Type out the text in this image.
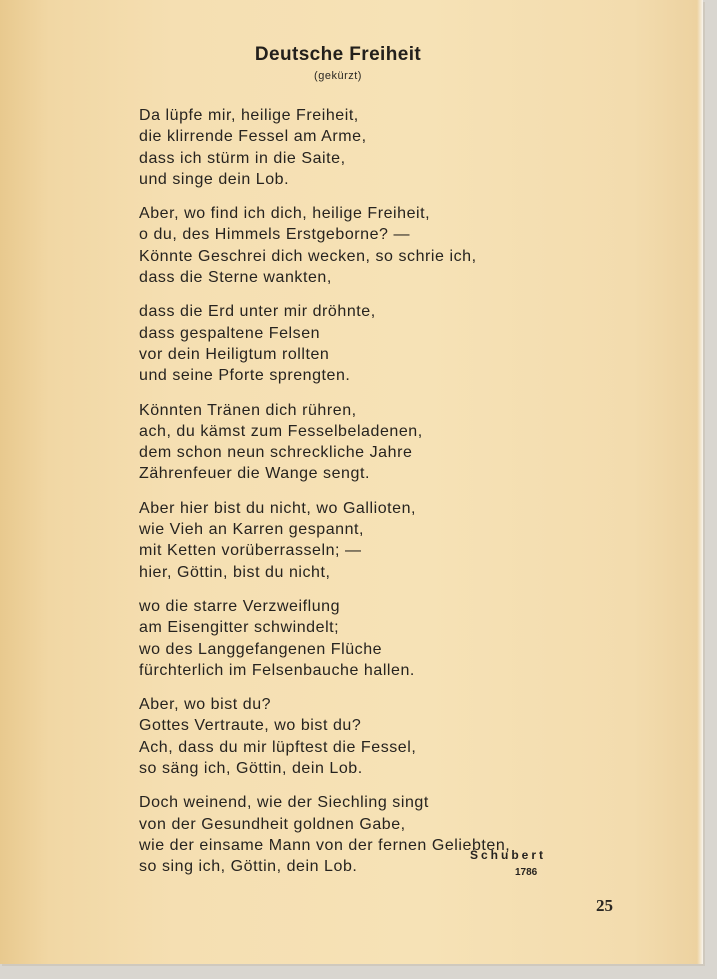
Deutsche Freiheit
(gekürzt)
Da lüpfe mir, heilige Freiheit,
die klirrende Fessel am Arme,
dass ich stürm in die Saite,
und singe dein Lob.
Aber, wo find ich dich, heilige Freiheit,
o du, des Himmels Erstgeborne? —
Könnte Geschrei dich wecken, so schrie ich,
dass die Sterne wankten,
dass die Erd unter mir dröhnte,
dass gespaltene Felsen
vor dein Heiligtum rollten
und seine Pforte sprengten.
Könnten Tränen dich rühren,
ach, du kämst zum Fesselbeladenen,
dem schon neun schreckliche Jahre
Zährenfeuer die Wange sengt.
Aber hier bist du nicht, wo Gallioten,
wie Vieh an Karren gespannt,
mit Ketten vorüberrasseln; —
hier, Göttin, bist du nicht,
wo die starre Verzweiflung
am Eisengitter schwindelt;
wo des Langgefangenen Flüche
fürchterlich im Felsenbauche hallen.
Aber, wo bist du?
Gottes Vertraute, wo bist du?
Ach, dass du mir lüpftest die Fessel,
so säng ich, Göttin, dein Lob.
Doch weinend, wie der Siechling singt
von der Gesundheit goldnen Gabe,
wie der einsame Mann von der fernen Geliebten,
so sing ich, Göttin, dein Lob.
Schubert
1786
25
